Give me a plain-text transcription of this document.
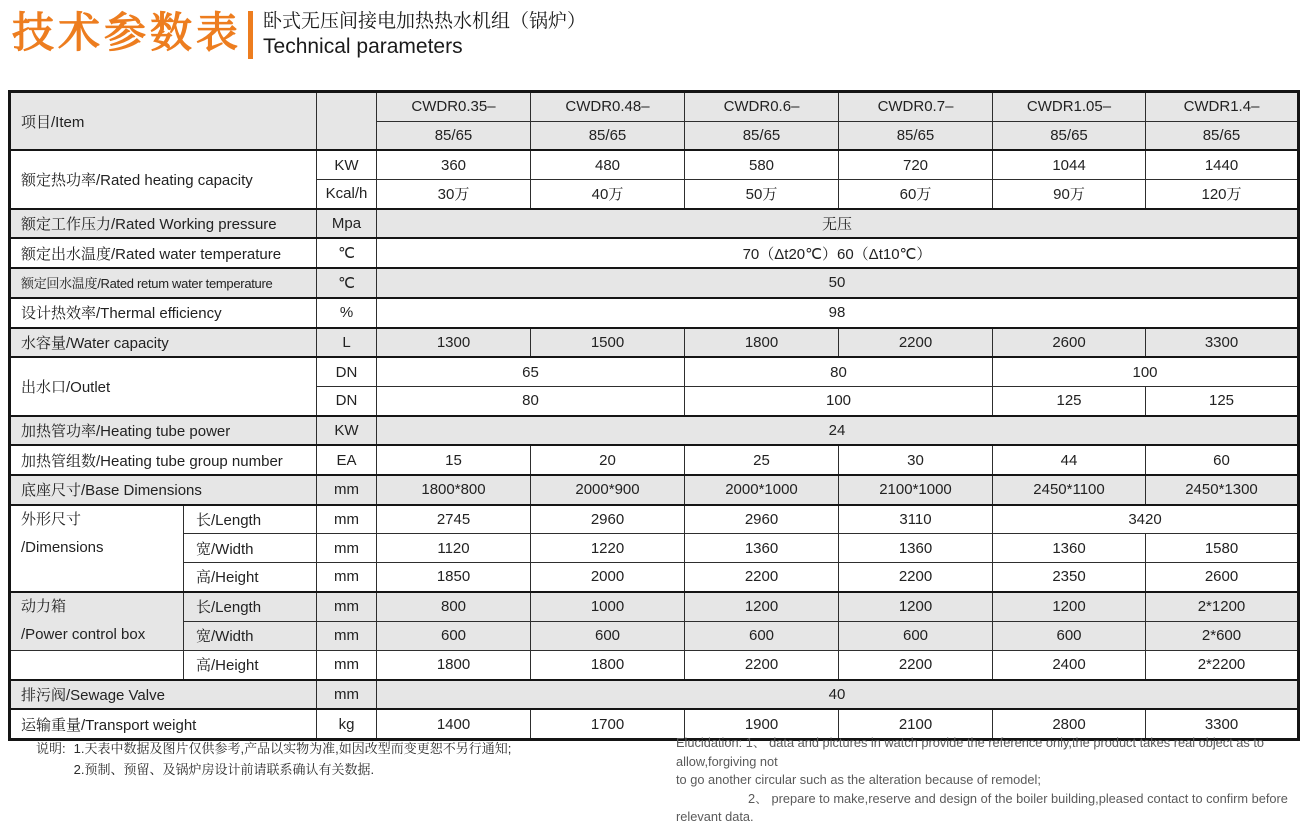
技术参数表 卧式无压间接电加热热水机组（锅炉）
Technical parameters
项目/Item			CWDR0.35–	CWDR0.48–	CWDR0.6–	CWDR0.7–	CWDR1.05–	CWDR1.4–
			85/65	85/65	85/65	85/65	85/65	85/65
额定热功率/Rated heating capacity		KW	360	480	580	720	1044	1440
		Kcal/h	30万	40万	50万	60万	90万	120万
额定工作压力/Rated Working pressure		Mpa	无压					
额定出水温度/Rated water temperature		℃	70（Δt20℃）60（Δt10℃）					
额定回水温度/Rated retum water temperature		℃	50					
设计热效率/Thermal efficiency		%	98					
水容量/Water capacity		L	1300	1500	1800	2200	2600	3300
出水口/Outlet		DN	65		80		100	
		DN	80		100		125	125
加热管功率/Heating tube power		KW	24					
加热管组数/Heating tube group number		EA	15	20	25	30	44	60
底座尺寸/Base Dimensions		mm	1800*800	2000*900	2000*1000	2100*1000	2450*1100	2450*1300

外形尺寸
/Dimensions	长/Length	mm	2745	2960	2960	3110	3420	
	宽/Width	mm	1120	1220	1360	1360	1360	1580
	高/Height	mm	1850	2000	2200	2200	2350	2600

动力箱
/Power control box	长/Length	mm	800	1000	1200	1200	1200	2*1200
	宽/Width	mm	600	600	600	600	600	2*600
	高/Height	mm	1800	1800	2200	2200	2400	2*2200
排污阀/Sewage Valve		mm	40					
运输重量/Transport weight		kg	1400	1700	1900	2100	2800	3300
说明: 1.天表中数据及图片仅供参考,产品以实物为准,如因改型而变更恕不另行通知;
2.预制、预留、及锅炉房设计前请联系确认有关数据.
Elucidation: 1、 data and pictures in watch provide the reference only,the product takes real object as to allow,forgiving not
to go another circular such as the alteration because of remodel;
2、 prepare to make,reserve and design of the boiler building,pleased contact to confirm before relevant data.
